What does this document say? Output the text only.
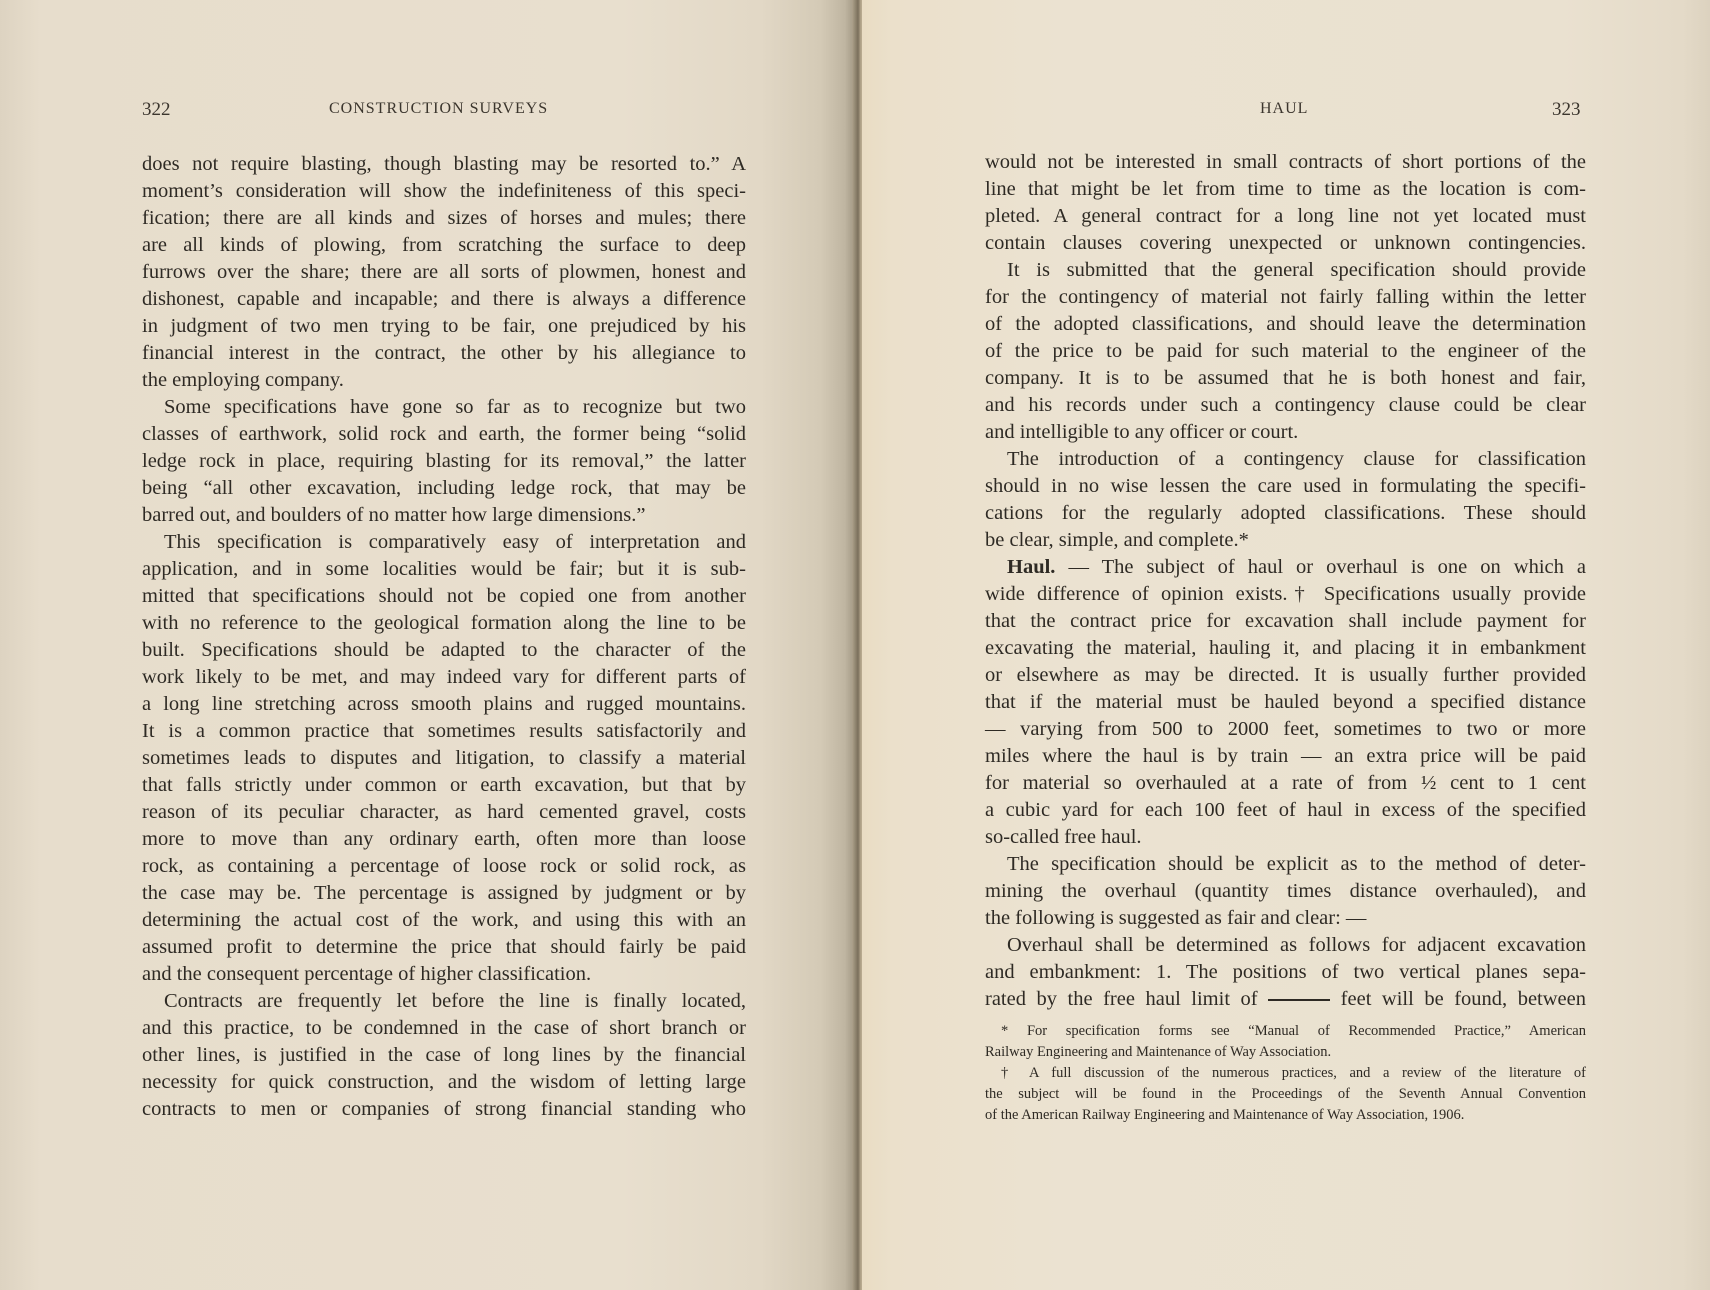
322	CONSTRUCTION SURVEYS
does not require blasting, though blasting may be resorted to.” A
moment’s consideration will show the indefiniteness of this speci-
fication; there are all kinds and sizes of horses and mules; there
are all kinds of plowing, from scratching the surface to deep
furrows over the share; there are all sorts of plowmen, honest and
dishonest, capable and incapable; and there is always a difference
in judgment of two men trying to be fair, one prejudiced by his
financial interest in the contract, the other by his allegiance to
the employing company.
Some specifications have gone so far as to recognize but two
classes of earthwork, solid rock and earth, the former being “solid
ledge rock in place, requiring blasting for its removal,” the latter
being “all other excavation, including ledge rock, that may be
barred out, and boulders of no matter how large dimensions.”
This specification is comparatively easy of interpretation and
application, and in some localities would be fair; but it is sub-
mitted that specifications should not be copied one from another
with no reference to the geological formation along the line to be
built. Specifications should be adapted to the character of the
work likely to be met, and may indeed vary for different parts of
a long line stretching across smooth plains and rugged mountains.
It is a common practice that sometimes results satisfactorily and
sometimes leads to disputes and litigation, to classify a material
that falls strictly under common or earth excavation, but that by
reason of its peculiar character, as hard cemented gravel, costs
more to move than any ordinary earth, often more than loose
rock, as containing a percentage of loose rock or solid rock, as
the case may be. The percentage is assigned by judgment or by
determining the actual cost of the work, and using this with an
assumed profit to determine the price that should fairly be paid
and the consequent percentage of higher classification.
Contracts are frequently let before the line is finally located,
and this practice, to be condemned in the case of short branch or
other lines, is justified in the case of long lines by the financial
necessity for quick construction, and the wisdom of letting large
contracts to men or companies of strong financial standing who
HAUL	323
would not be interested in small contracts of short portions of the
line that might be let from time to time as the location is com-
pleted. A general contract for a long line not yet located must
contain clauses covering unexpected or unknown contingencies.
It is submitted that the general specification should provide
for the contingency of material not fairly falling within the letter
of the adopted classifications, and should leave the determination
of the price to be paid for such material to the engineer of the
company. It is to be assumed that he is both honest and fair,
and his records under such a contingency clause could be clear
and intelligible to any officer or court.
The introduction of a contingency clause for classification
should in no wise lessen the care used in formulating the specifi-
cations for the regularly adopted classifications. These should
be clear, simple, and complete.*
Haul. — The subject of haul or overhaul is one on which a
wide difference of opinion exists.† Specifications usually provide
that the contract price for excavation shall include payment for
excavating the material, hauling it, and placing it in embankment
or elsewhere as may be directed. It is usually further provided
that if the material must be hauled beyond a specified distance
— varying from 500 to 2000 feet, sometimes to two or more
miles where the haul is by train — an extra price will be paid
for material so overhauled at a rate of from ½ cent to 1 cent
a cubic yard for each 100 feet of haul in excess of the specified
so-called free haul.
The specification should be explicit as to the method of deter-
mining the overhaul (quantity times distance overhauled), and
the following is suggested as fair and clear: —
Overhaul shall be determined as follows for adjacent excavation
and embankment: 1. The positions of two vertical planes sepa-
rated by the free haul limit of	feet will be found, between
* For specification forms see “Manual of Recommended Practice,” American
Railway Engineering and Maintenance of Way Association.
† A full discussion of the numerous practices, and a review of the literature of
the subject will be found in the Proceedings of the Seventh Annual Convention
of the American Railway Engineering and Maintenance of Way Association, 1906.
